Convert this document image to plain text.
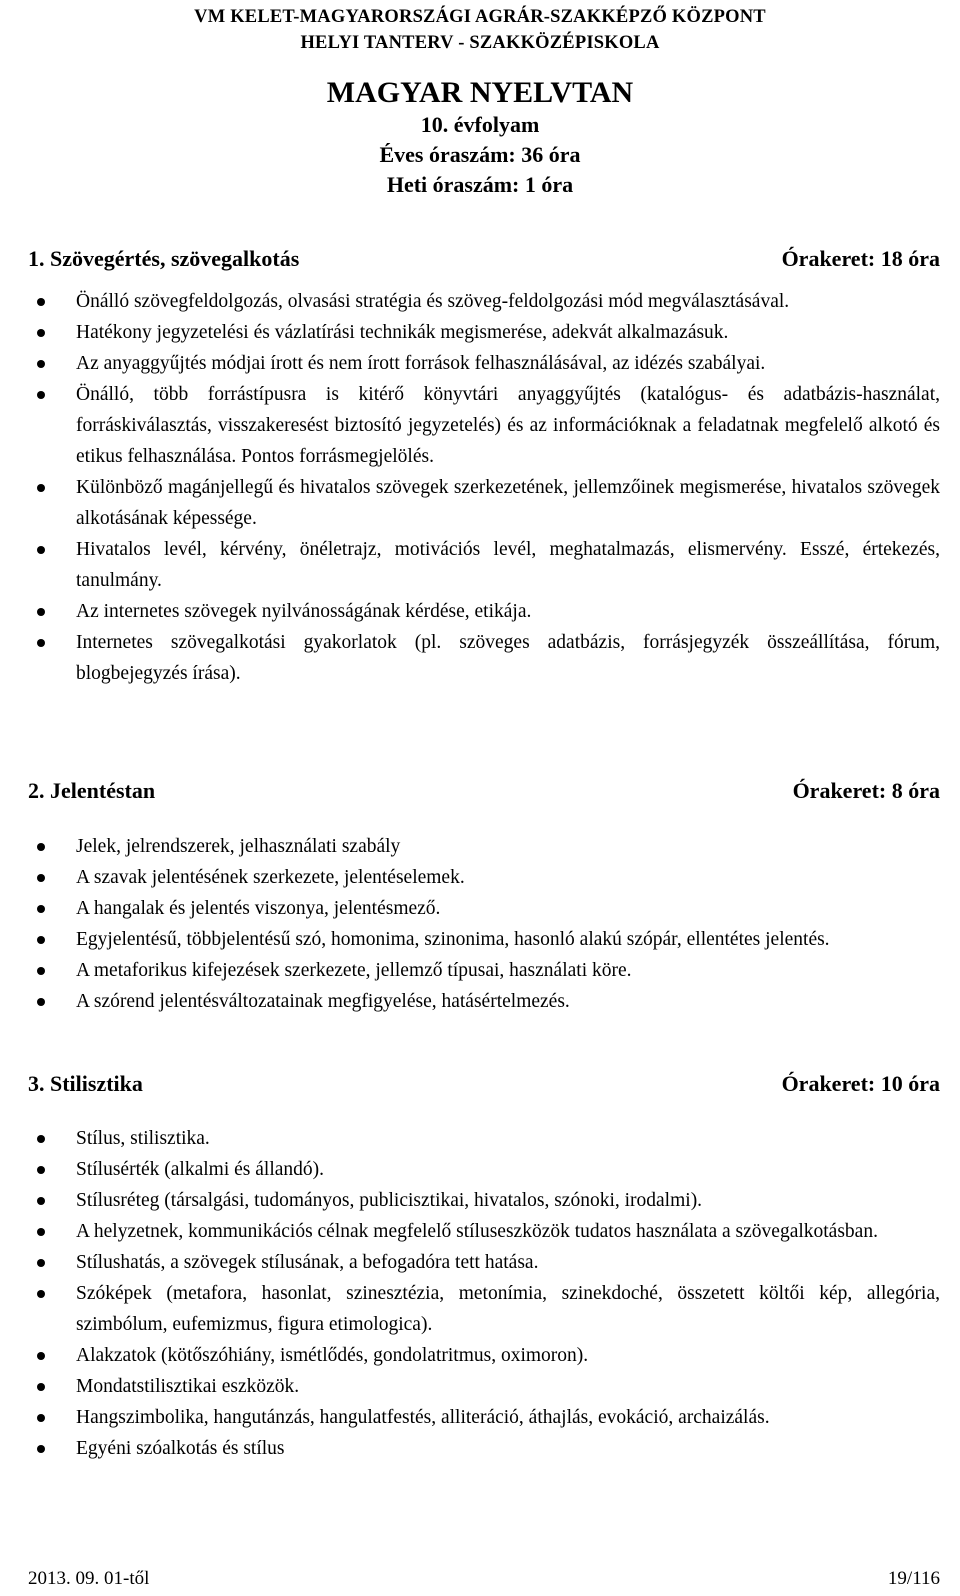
VM KELET-MAGYARORSZÁGI AGRÁR-SZAKKÉPZŐ KÖZPONT
HELYI TANTERV - SZAKKÖZÉPISKOLA
MAGYAR NYELVTAN
10. évfolyam
Éves óraszám: 36 óra
Heti óraszám: 1 óra
1. Szövegértés, szövegalkotás	Órakeret: 18 óra
Önálló szövegfeldolgozás, olvasási stratégia és szöveg-feldolgozási mód megválasztásával.
Hatékony jegyzetelési és vázlatírási technikák megismerése, adekvát alkalmazásuk.
Az anyaggyűjtés módjai írott és nem írott források felhasználásával, az idézés szabályai.
Önálló, több forrástípusra is kitérő könyvtári anyaggyűjtés (katalógus- és adatbázis-használat, forráskiválasztás, visszakeresést biztosító jegyzetelés) és az információknak a feladatnak megfelelő alkotó és etikus felhasználása. Pontos forrásmegjelölés.
Különböző magánjellegű és hivatalos szövegek szerkezetének, jellemzőinek megismerése, hivatalos szövegek alkotásának képessége.
Hivatalos levél, kérvény, önéletrajz, motivációs levél, meghatalmazás, elismervény. Esszé, értekezés, tanulmány.
Az internetes szövegek nyilvánosságának kérdése, etikája.
Internetes szövegalkotási gyakorlatok (pl. szöveges adatbázis, forrásjegyzék összeállítása, fórum, blogbejegyzés írása).
2. Jelentéstan	Órakeret: 8 óra
Jelek, jelrendszerek, jelhasználati szabály
A szavak jelentésének szerkezete, jelentéselemek.
A hangalak és jelentés viszonya, jelentésmező.
Egyjelentésű, többjelentésű szó, homonima, szinonima, hasonló alakú szópár, ellentétes jelentés.
A metaforikus kifejezések szerkezete, jellemző típusai, használati köre.
A szórend jelentésváltozatainak megfigyelése, hatásértelmezés.
3. Stilisztika	Órakeret: 10 óra
Stílus, stilisztika.
Stílusérték (alkalmi és állandó).
Stílusréteg (társalgási, tudományos, publicisztikai, hivatalos, szónoki, irodalmi).
A helyzetnek, kommunikációs célnak megfelelő stíluseszközök tudatos használata a szövegalkotásban.
Stílushatás, a szövegek stílusának, a befogadóra tett hatása.
Szóképek (metafora, hasonlat, szinesztézia, metonímia, szinekdoché, összetett költői kép, allegória, szimbólum, eufemizmus, figura etimologica).
Alakzatok (kötőszóhiány, ismétlődés, gondolatritmus, oximoron).
Mondatstilisztikai eszközök.
Hangszimbolika, hangutánzás, hangulatfestés, alliteráció, áthajlás, evokáció, archaizálás.
Egyéni szóalkotás és stílus
2013. 09. 01-től	19/116
